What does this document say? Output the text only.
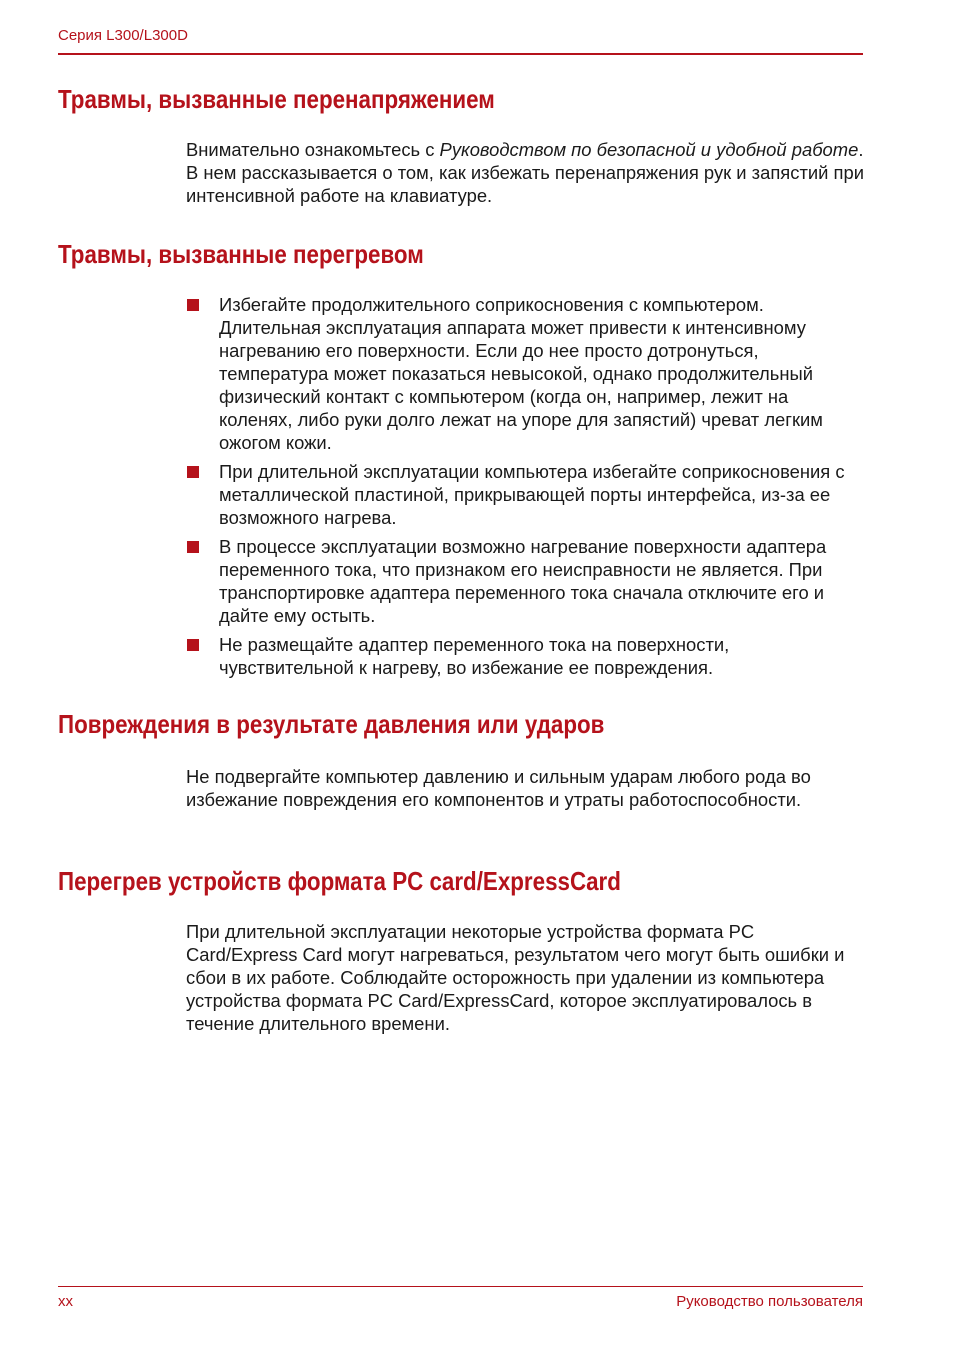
Серия L300/L300D
Травмы, вызванные перенапряжением

Внимательно ознакомьтесь с Руководством по безопасной и удобной работе. В нем рассказывается о том, как избежать перенапряжения рук и запястий при интенсивной работе на клавиатуре.

Травмы, вызванные перегревом
Избегайте продолжительного соприкосновения с компьютером. Длительная эксплуатация аппарата может привести к интенсивному нагреванию его поверхности. Если до нее просто дотронуться, температура может показаться невысокой, однако продолжительный физический контакт с компьютером (когда он, например, лежит на коленях, либо руки долго лежат на упоре для запястий) чреват легким ожогом кожи.
При длительной эксплуатации компьютера избегайте соприкосновения с металлической пластиной, прикрывающей порты интерфейса, из-за ее возможного нагрева.
В процессе эксплуатации возможно нагревание поверхности адаптера переменного тока, что признаком его неисправности не является. При транспортировке адаптера переменного тока сначала отключите его и дайте ему остыть.
Не размещайте адаптер переменного тока на поверхности, чувствительной к нагреву, во избежание ее повреждения.
Повреждения в результате давления или ударов

Не подвергайте компьютер давлению и сильным ударам любого рода во избежание повреждения его компонентов и утраты работоспособности.

Перегрев устройств формата PC card/ExpressCard

При длительной эксплуатации некоторые устройства формата PC Card/Express Card могут нагреваться, результатом чего могут быть ошибки и сбои в их работе. Соблюдайте осторожность при удалении из компьютера устройства формата PC Card/ExpressCard, которое эксплуатировалось в течение длительного времени.

xx	Руководство пользователя
